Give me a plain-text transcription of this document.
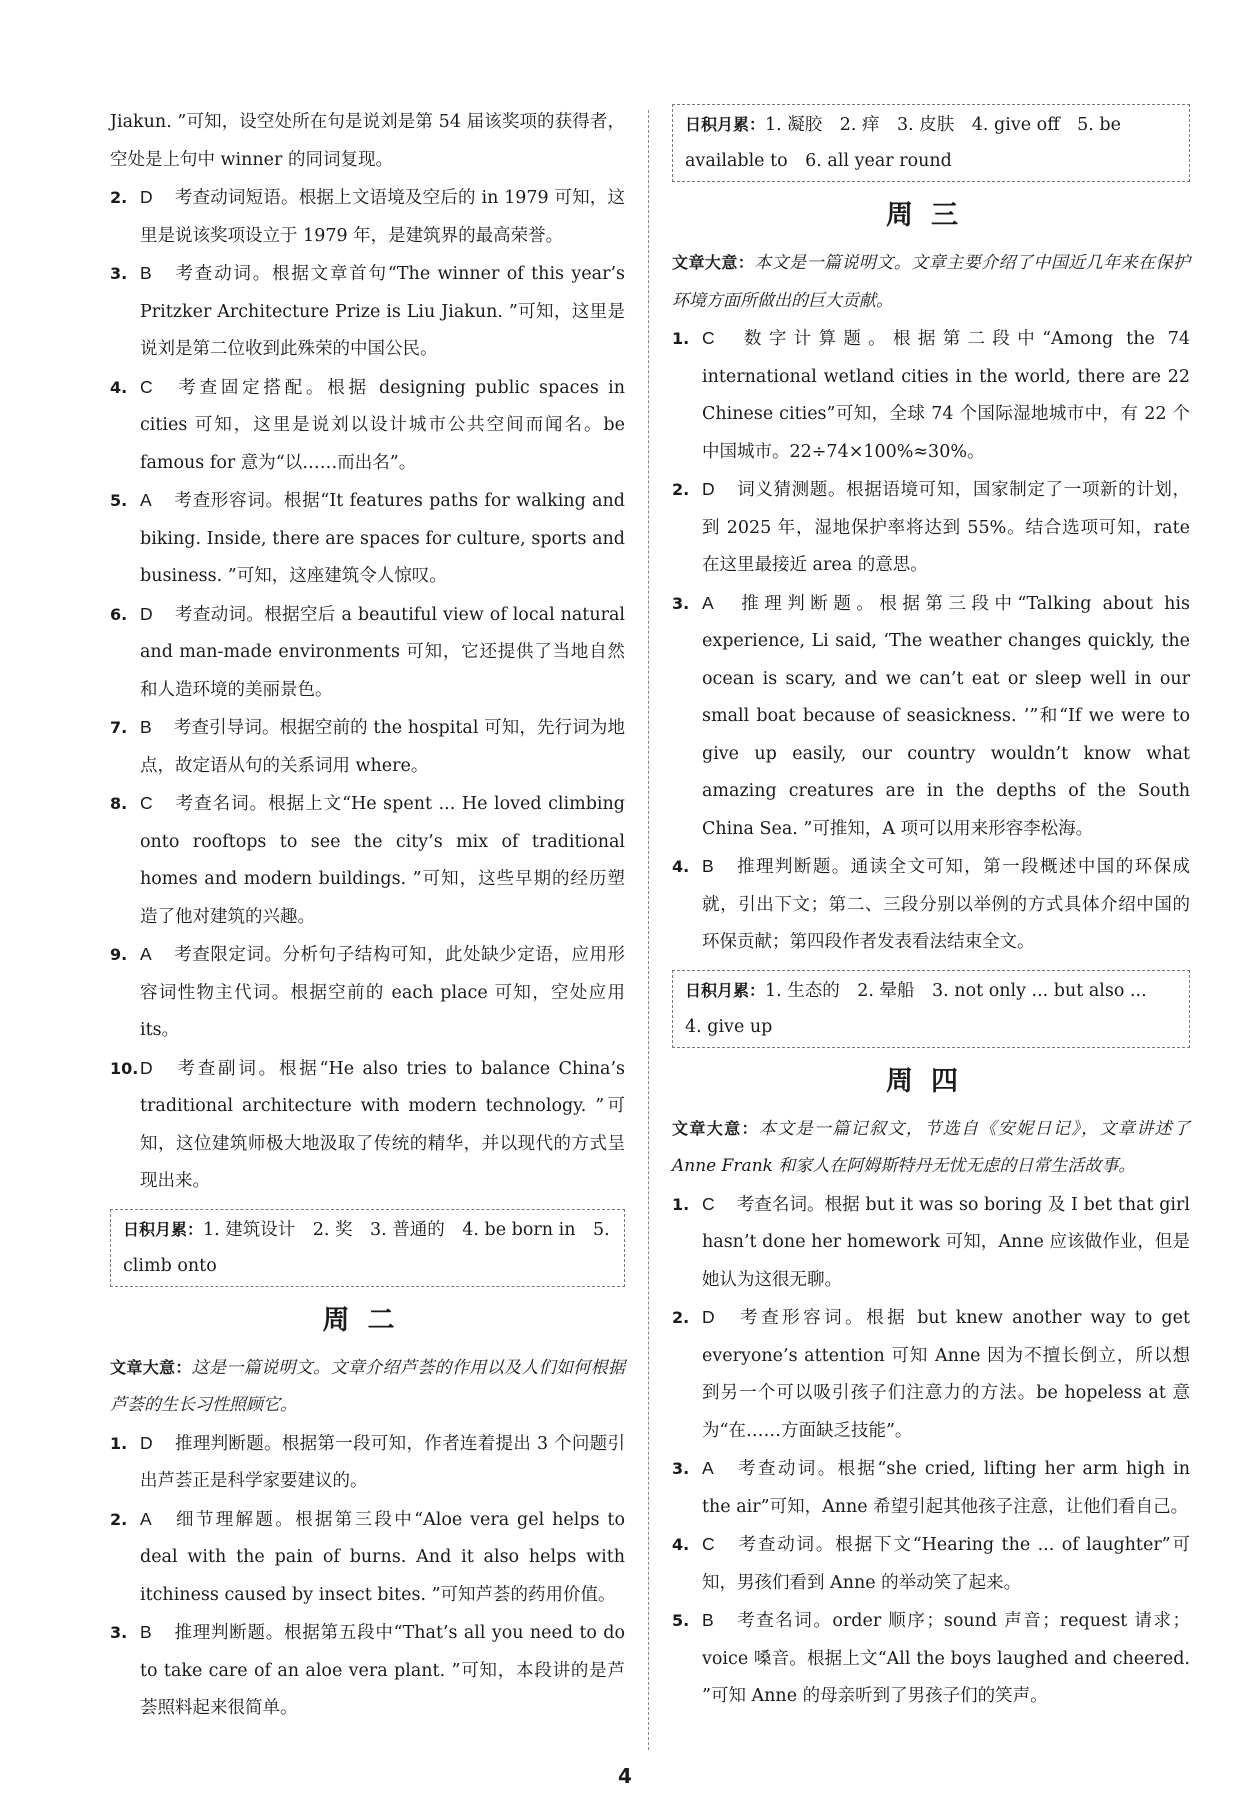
Jiakun. ”可知，设空处所在句是说刘是第 54 届该奖项的获得者，空处是上句中 winner 的同词复现。
2. D 考查动词短语。根据上文语境及空后的 in 1979 可知，这里是说该奖项设立于 1979 年，是建筑界的最高荣誉。
3. B 考查动词。根据文章首句“The winner of this year’s Pritzker Architecture Prize is Liu Jiakun. ”可知，这里是说刘是第二位收到此殊荣的中国公民。
4. C 考查固定搭配。根据 designing public spaces in cities 可知，这里是说刘以设计城市公共空间而闻名。be famous for 意为“以……而出名”。
5. A 考查形容词。根据“It features paths for walking and biking. Inside, there are spaces for culture, sports and business. ”可知，这座建筑令人惊叹。
6. D 考查动词。根据空后 a beautiful view of local natural and man-made environments 可知，它还提供了当地自然和人造环境的美丽景色。
7. B 考查引导词。根据空前的 the hospital 可知，先行词为地点，故定语从句的关系词用 where。
8. C 考查名词。根据上文“He spent ... He loved climbing onto rooftops to see the city’s mix of traditional homes and modern buildings. ”可知，这些早期的经历塑造了他对建筑的兴趣。
9. A 考查限定词。分析句子结构可知，此处缺少定语，应用形容词性物主代词。根据空前的 each place 可知，空处应用 its。
10. D 考查副词。根据“He also tries to balance China’s traditional architecture with modern technology. ”可知，这位建筑师极大地汲取了传统的精华，并以现代的方式呈现出来。
日积月累：1. 建筑设计　2. 奖　3. 普通的　4. be born in　5. climb onto
周二
文章大意：这是一篇说明文。文章介绍芦荟的作用以及人们如何根据芦荟的生长习性照顾它。
1. D 推理判断题。根据第一段可知，作者连着提出 3 个问题引出芦荟正是科学家要建议的。
2. A 细节理解题。根据第三段中“Aloe vera gel helps to deal with the pain of burns. And it also helps with itchiness caused by insect bites. ”可知芦荟的药用价值。
3. B 推理判断题。根据第五段中“That’s all you need to do to take care of an aloe vera plant. ”可知，本段讲的是芦荟照料起来很简单。
日积月累：1. 凝胶　2. 痒　3. 皮肤　4. give off　5. be available to　6. all year round
周三
文章大意：本文是一篇说明文。文章主要介绍了中国近几年来在保护环境方面所做出的巨大贡献。
1. C 数字计算题。根据第二段中“Among the 74 international wetland cities in the world, there are 22 Chinese cities”可知，全球 74 个国际湿地城市中，有 22 个中国城市。22÷74×100%≈30%。
2. D 词义猜测题。根据语境可知，国家制定了一项新的计划，到 2025 年，湿地保护率将达到 55%。结合选项可知，rate 在这里最接近 area 的意思。
3. A 推理判断题。根据第三段中“Talking about his experience, Li said, ‘The weather changes quickly, the ocean is scary, and we can’t eat or sleep well in our small boat because of seasickness. ’”和“If we were to give up easily, our country wouldn’t know what amazing creatures are in the depths of the South China Sea. ”可推知，A 项可以用来形容李松海。
4. B 推理判断题。通读全文可知，第一段概述中国的环保成就，引出下文；第二、三段分别以举例的方式具体介绍中国的环保贡献；第四段作者发表看法结束全文。
日积月累：1. 生态的　2. 晕船　3. not only ... but also ...　4. give up
周四
文章大意：本文是一篇记叙文，节选自《安妮日记》，文章讲述了 Anne Frank 和家人在阿姆斯特丹无忧无虑的日常生活故事。
1. C 考查名词。根据 but it was so boring 及 I bet that girl hasn’t done her homework 可知，Anne 应该做作业，但是她认为这很无聊。
2. D 考查形容词。根据 but knew another way to get everyone’s attention 可知 Anne 因为不擅长倒立，所以想到另一个可以吸引孩子们注意力的方法。be hopeless at 意为“在……方面缺乏技能”。
3. A 考查动词。根据“she cried, lifting her arm high in the air”可知，Anne 希望引起其他孩子注意，让他们看自己。
4. C 考查动词。根据下文“Hearing the ... of laughter”可知，男孩们看到 Anne 的举动笑了起来。
5. B 考查名词。order 顺序；sound 声音；request 请求；voice 嗓音。根据上文“All the boys laughed and cheered. ”可知 Anne 的母亲听到了男孩子们的笑声。
4
